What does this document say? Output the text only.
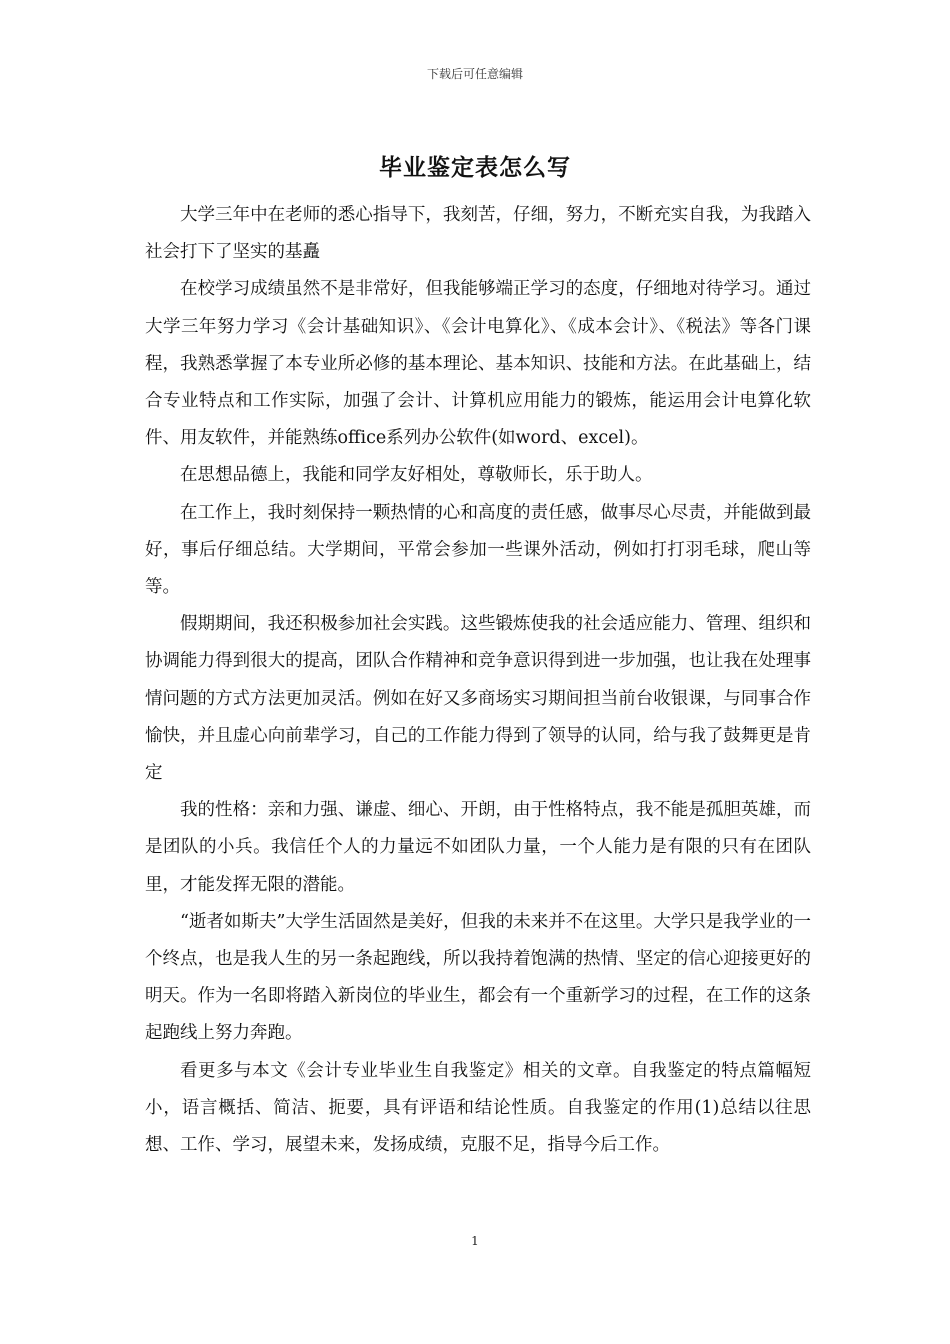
下载后可任意编辑
毕业鉴定表怎么写

大学三年中在老师的悉心指导下，我刻苦，仔细，努力，不断充实自我，为我踏入社会打下了坚实的基矗

在校学习成绩虽然不是非常好，但我能够端正学习的态度，仔细地对待学习。通过大学三年努力学习《会计基础知识》、《会计电算化》、《成本会计》、《税法》等各门课程，我熟悉掌握了本专业所必修的基本理论、基本知识、技能和方法。在此基础上，结合专业特点和工作实际，加强了会计、计算机应用能力的锻炼，能运用会计电算化软件、用友软件，并能熟练office系列办公软件(如word、excel)。

在思想品德上，我能和同学友好相处，尊敬师长，乐于助人。

在工作上，我时刻保持一颗热情的心和高度的责任感，做事尽心尽责，并能做到最好，事后仔细总结。大学期间，平常会参加一些课外活动，例如打打羽毛球，爬山等等。

假期期间，我还积极参加社会实践。这些锻炼使我的社会适应能力、管理、组织和协调能力得到很大的提高，团队合作精神和竞争意识得到进一步加强，也让我在处理事情问题的方式方法更加灵活。例如在好又多商场实习期间担当前台收银课，与同事合作愉快，并且虚心向前辈学习，自己的工作能力得到了领导的认同，给与我了鼓舞更是肯定

我的性格：亲和力强、谦虚、细心、开朗，由于性格特点，我不能是孤胆英雄，而是团队的小兵。我信任个人的力量远不如团队力量，一个人能力是有限的只有在团队里，才能发挥无限的潜能。

“逝者如斯夫”大学生活固然是美好，但我的未来并不在这里。大学只是我学业的一个终点，也是我人生的另一条起跑线，所以我持着饱满的热情、坚定的信心迎接更好的明天。作为一名即将踏入新岗位的毕业生，都会有一个重新学习的过程，在工作的这条起跑线上努力奔跑。

看更多与本文《会计专业毕业生自我鉴定》相关的文章。自我鉴定的特点篇幅短小，语言概括、简洁、扼要，具有评语和结论性质。自我鉴定的作用(1)总结以往思想、工作、学习，展望未来，发扬成绩，克服不足，指导今后工作。

1
